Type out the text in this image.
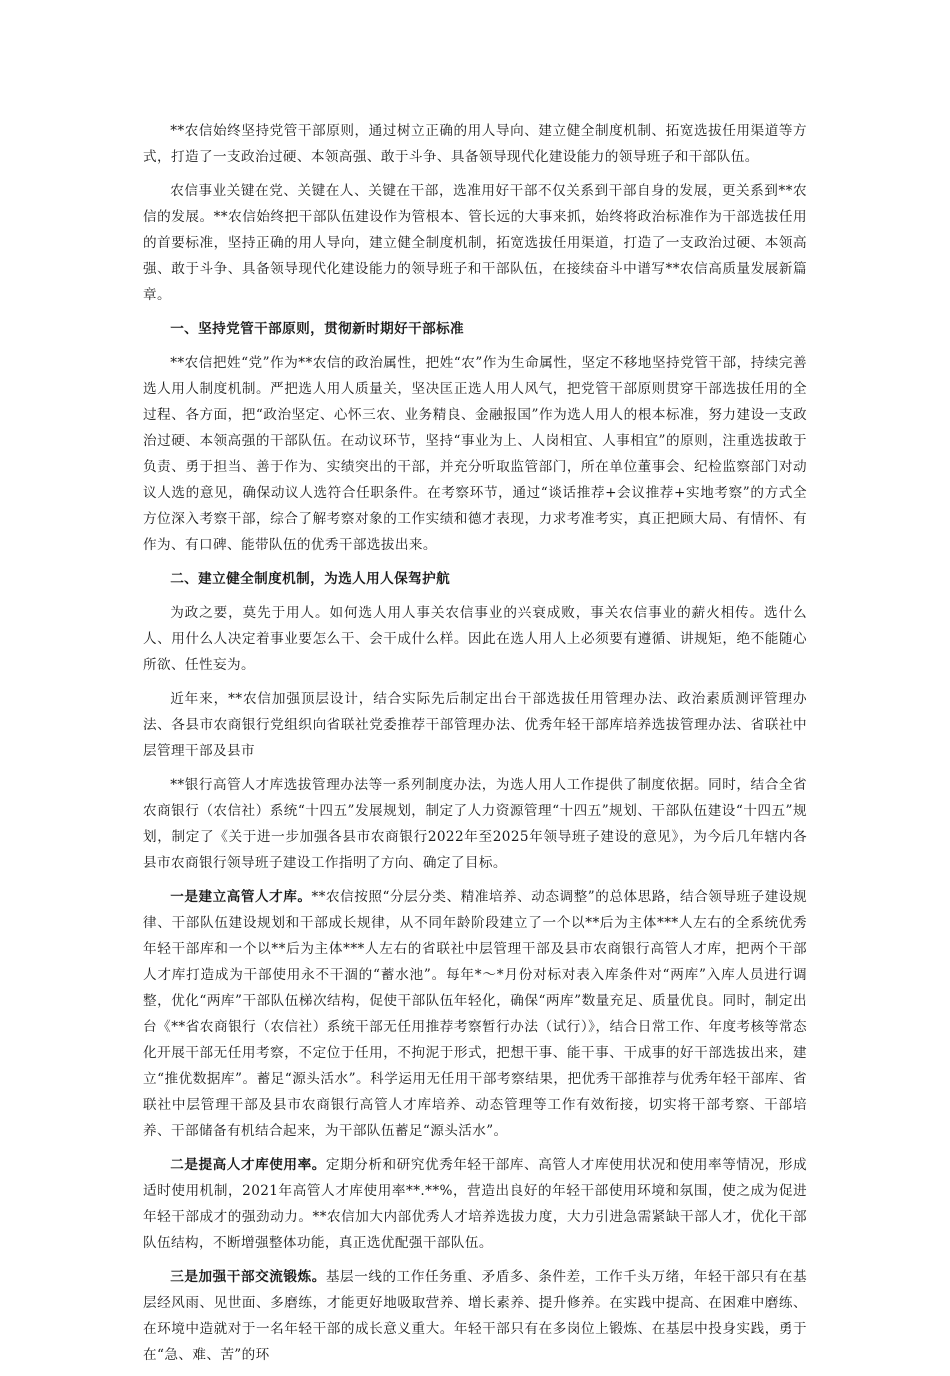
**农信始终坚持党管干部原则，通过树立正确的用人导向、建立健全制度机制、拓宽选拔任用渠道等方式，打造了一支政治过硬、本领高强、敢于斗争、具备领导现代化建设能力的领导班子和干部队伍。

农信事业关键在党、关键在人、关键在干部，选准用好干部不仅关系到干部自身的发展，更关系到**农信的发展。**农信始终把干部队伍建设作为管根本、管长远的大事来抓，始终将政治标准作为干部选拔任用的首要标准，坚持正确的用人导向，建立健全制度机制，拓宽选拔任用渠道，打造了一支政治过硬、本领高强、敢于斗争、具备领导现代化建设能力的领导班子和干部队伍，在接续奋斗中谱写**农信高质量发展新篇章。

一、坚持党管干部原则，贯彻新时期好干部标准

**农信把姓“党”作为**农信的政治属性，把姓“农”作为生命属性，坚定不移地坚持党管干部，持续完善选人用人制度机制。严把选人用人质量关，坚决匡正选人用人风气，把党管干部原则贯穿干部选拔任用的全过程、各方面，把“政治坚定、心怀三农、业务精良、金融报国”作为选人用人的根本标准，努力建设一支政治过硬、本领高强的干部队伍。在动议环节，坚持“事业为上、人岗相宜、人事相宜”的原则，注重选拔敢于负责、勇于担当、善于作为、实绩突出的干部，并充分听取监管部门，所在单位董事会、纪检监察部门对动议人选的意见，确保动议人选符合任职条件。在考察环节，通过“谈话推荐+会议推荐+实地考察”的方式全方位深入考察干部，综合了解考察对象的工作实绩和德才表现，力求考准考实，真正把顾大局、有情怀、有作为、有口碑、能带队伍的优秀干部选拔出来。

二、建立健全制度机制，为选人用人保驾护航

为政之要，莫先于用人。如何选人用人事关农信事业的兴衰成败，事关农信事业的薪火相传。选什么人、用什么人决定着事业要怎么干、会干成什么样。因此在选人用人上必须要有遵循、讲规矩，绝不能随心所欲、任性妄为。

近年来，**农信加强顶层设计，结合实际先后制定出台干部选拔任用管理办法、政治素质测评管理办法、各县市农商银行党组织向省联社党委推荐干部管理办法、优秀年轻干部库培养选拔管理办法、省联社中层管理干部及县市

**银行高管人才库选拔管理办法等一系列制度办法，为选人用人工作提供了制度依据。同时，结合全省农商银行（农信社）系统“十四五”发展规划，制定了人力资源管理“十四五”规划、干部队伍建设“十四五”规划，制定了《关于进一步加强各县市农商银行2022年至2025年领导班子建设的意见》，为今后几年辖内各县市农商银行领导班子建设工作指明了方向、确定了目标。

一是建立高管人才库。**农信按照“分层分类、精准培养、动态调整”的总体思路，结合领导班子建设规律、干部队伍建设规划和干部成长规律，从不同年龄阶段建立了一个以**后为主体***人左右的全系统优秀年轻干部库和一个以**后为主体***人左右的省联社中层管理干部及县市农商银行高管人才库，把两个干部人才库打造成为干部使用永不干涸的“蓄水池”。每年*～*月份对标对表入库条件对“两库”入库人员进行调整，优化“两库”干部队伍梯次结构，促使干部队伍年轻化，确保“两库”数量充足、质量优良。同时，制定出台《**省农商银行（农信社）系统干部无任用推荐考察暂行办法（试行）》，结合日常工作、年度考核等常态化开展干部无任用考察，不定位于任用，不拘泥于形式，把想干事、能干事、干成事的好干部选拔出来，建立“推优数据库”。蓄足“源头活水”。科学运用无任用干部考察结果，把优秀干部推荐与优秀年轻干部库、省联社中层管理干部及县市农商银行高管人才库培养、动态管理等工作有效衔接，切实将干部考察、干部培养、干部储备有机结合起来，为干部队伍蓄足“源头活水”。

二是提高人才库使用率。定期分析和研究优秀年轻干部库、高管人才库使用状况和使用率等情况，形成适时使用机制，2021年高管人才库使用率**.**%，营造出良好的年轻干部使用环境和氛围，使之成为促进年轻干部成才的强劲动力。**农信加大内部优秀人才培养选拔力度，大力引进急需紧缺干部人才，优化干部队伍结构，不断增强整体功能，真正选优配强干部队伍。

三是加强干部交流锻炼。基层一线的工作任务重、矛盾多、条件差，工作千头万绪，年轻干部只有在基层经风雨、见世面、多磨练，才能更好地吸取营养、增长素养、提升修养。在实践中提高、在困难中磨练、在环境中造就对于一名年轻干部的成长意义重大。年轻干部只有在多岗位上锻炼、在基层中投身实践，勇于在“急、难、苦”的环
